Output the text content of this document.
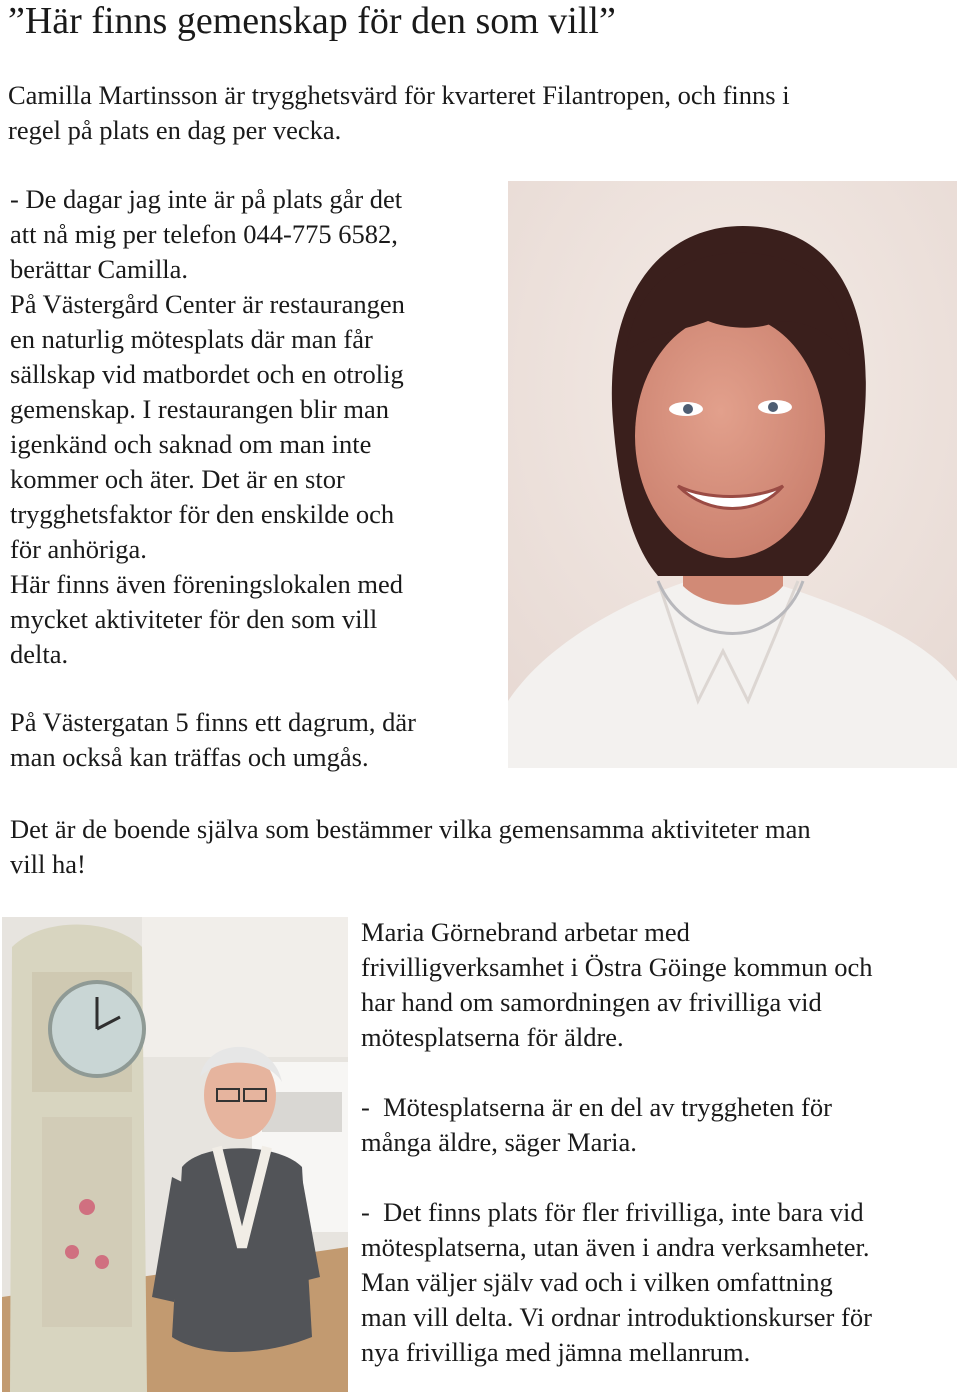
”Här finns gemenskap för den som vill”
Camilla Martinsson är trygghetsvärd för kvarteret Filantropen, och finns i
regel på plats en dag per vecka.
- De dagar jag inte är på plats går det
att nå mig per telefon 044-775 6582,
berättar Camilla.
På Västergård Center är restaurangen
en naturlig mötesplats där man får
sällskap vid matbordet och en otrolig
gemenskap. I restaurangen blir man
igenkänd och saknad om man inte
kommer och äter. Det är en stor
trygghetsfaktor för den enskilde och
för anhöriga.
Här finns även föreningslokalen med
mycket aktiviteter för den som vill
delta.
På Västergatan 5 finns ett dagrum, där
man också kan träffas och umgås.
Det är de boende själva som bestämmer vilka gemensamma aktiviteter man
vill ha!
Maria Görnebrand arbetar med
frivilligverksamhet i Östra Göinge kommun och
har hand om samordningen av frivilliga vid
mötesplatserna för äldre.
-  Mötesplatserna är en del av tryggheten för
många äldre, säger Maria.
-  Det finns plats för fler frivilliga, inte bara vid
mötesplatserna, utan även i andra verksamheter.
Man väljer själv vad och i vilken omfattning
man vill delta. Vi ordnar introduktionskurser för
nya frivilliga med jämna mellanrum.
